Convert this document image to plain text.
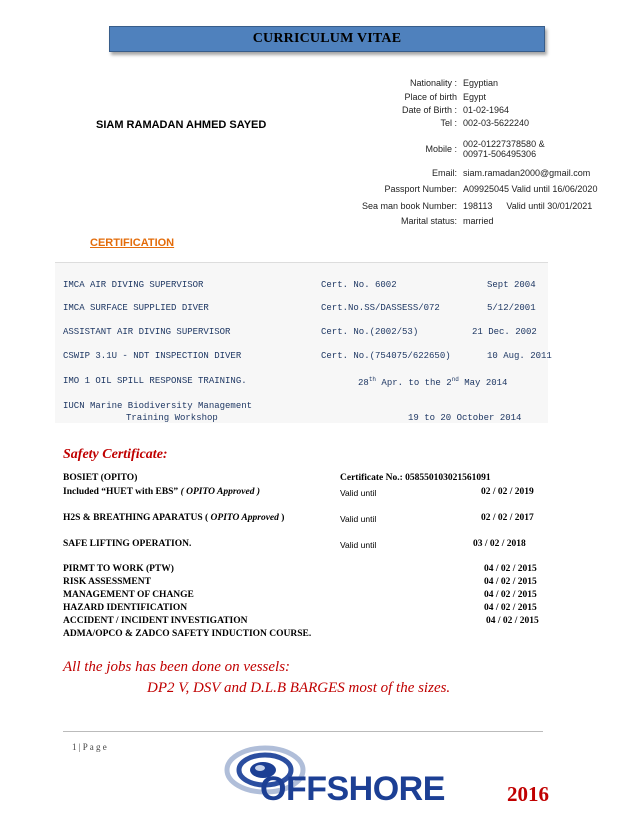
CURRICULUM VITAE
SIAM RAMADAN AHMED SAYED
Nationality : Egyptian
Place of birth Egypt
Date of Birth : 01-02-1964
Tel : 002-03-5622240
Mobile : 002-01227378580 &
00971-506495306
Email: siam.ramadan2000@gmail.com
Passport Number: A09925045 Valid until 16/06/2020
Sea man book Number: 198113 Valid until 30/01/2021
Marital status: married
CERTIFICATION
IMCA AIR DIVING SUPERVISOR	Cert. No. 6002	Sept 2004
IMCA SURFACE SUPPLIED DIVER	Cert.No.SS/DASSESS/072	5/12/2001
ASSISTANT AIR DIVING SUPERVISOR	Cert. No.(2002/53)	21 Dec. 2002
CSWIP 3.1U - NDT INSPECTION DIVER	Cert. No.(754075/622650)	10 Aug. 2011
IMO 1 OIL SPILL RESPONSE TRAINING.	28th Apr. to the 2nd May 2014
IUCN Marine Biodiversity Management
Training Workshop	19 to 20 October 2014
Safety Certificate:
BOSIET (OPITO)	Certificate No.: 058550103021561091
Included “HUET with EBS” ( OPITO Approved )	Valid until	02 / 02 / 2019
H2S & BREATHING APARATUS ( OPITO Approved )	Valid until	02 / 02 / 2017
SAFE LIFTING OPERATION.	Valid until	03 / 02 / 2018
PIRMT TO WORK (PTW)	04 / 02 / 2015
RISK ASSESSMENT	04 / 02 / 2015
MANAGEMENT OF CHANGE	04 / 02 / 2015
HAZARD IDENTIFICATION	04 / 02 / 2015
ACCIDENT / INCIDENT INVESTIGATION	04 / 02 / 2015
ADMA/OPCO & ZADCO SAFETY INDUCTION COURSE.
All the jobs has been done on vessels:
DP2 V, DSV and D.L.B BARGES most of the sizes.
1 | P a g e
OFFSHORE	2016
